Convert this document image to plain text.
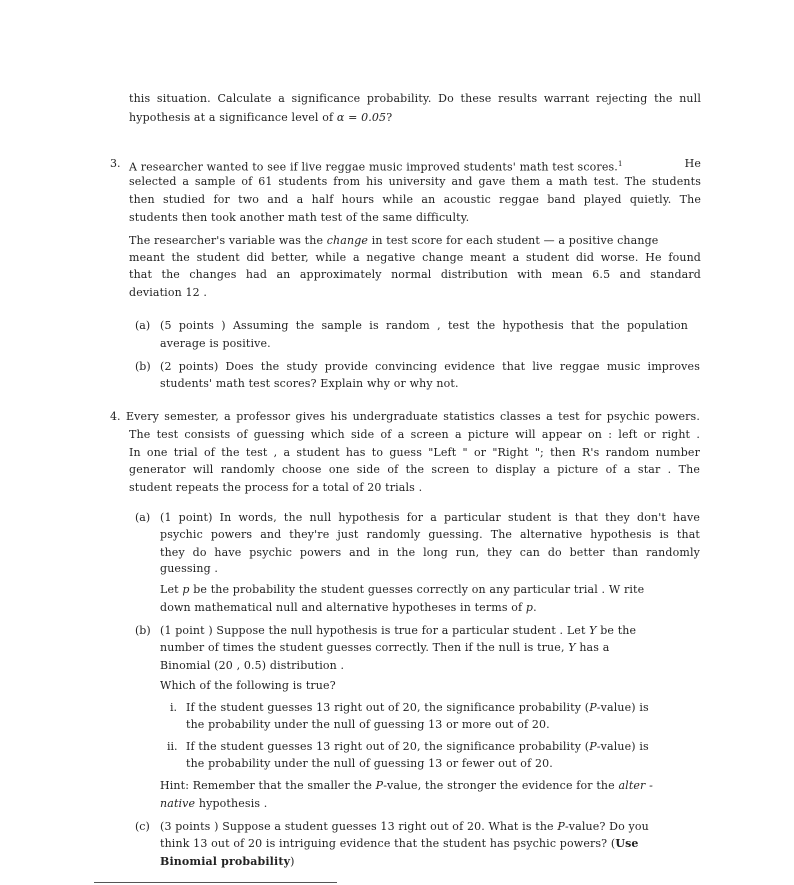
this situation. Calculate a significance probability. Do these results warrant rejecting the null
hypothesis at a significance level of α = 0.05?
3. A researcher wanted to see if live reggae music improved students' math test scores.$^1$	He
selected a sample of 61 students from his university and gave them a math test. The students
then studied for two and a half hours while an acoustic reggae band played quietly. The
students then took another math test of the same difficulty.
The researcher's variable was the change in test score for each student — a positive change
meant the student did better, while a negative change meant a student did worse. He found
that the changes had an approximately normal distribution with mean 6.5 and standard
deviation 12 .
(a) (5 points ) Assuming the sample is random , test the hypothesis that the population
average is positive.
(b) (2 points) Does the study provide convincing evidence that live reggae music improves
students' math test scores? Explain why or why not.
4. Every semester, a professor gives his undergraduate statistics classes a test for psychic powers.
The test consists of guessing which side of a screen a picture will appear on : left or right .
In one trial of the test , a student has to guess "Left " or "Right "; then R's random number
generator will randomly choose one side of the screen to display a picture of a star . The
student repeats the process for a total of 20 trials .
(a) (1 point) In words, the null hypothesis for a particular student is that they don't have
psychic powers and they're just randomly guessing. The alternative hypothesis is that
they do have psychic powers and in the long run, they can do better than randomly
guessing .
Let p be the probability the student guesses correctly on any particular trial . W rite
down mathematical null and alternative hypotheses in terms of p.
(b) (1 point ) Suppose the null hypothesis is true for a particular student . Let Y be the
number of times the student guesses correctly. Then if the null is true, Y has a
Binomial (20 , 0.5) distribution .
Which of the following is true?
i. If the student guesses 13 right out of 20, the significance probability (P-value) is
the probability under the null of guessing 13 or more out of 20.
ii. If the student guesses 13 right out of 20, the significance probability (P-value) is
the probability under the null of guessing 13 or fewer out of 20.
Hint: Remember that the smaller the P-value, the stronger the evidence for the alter -
native hypothesis .
(c) (3 points ) Suppose a student guesses 13 right out of 20. What is the P-value? Do you
think 13 out of 20 is intriguing evidence that the student has psychic powers? (Use
Binomial probability)
